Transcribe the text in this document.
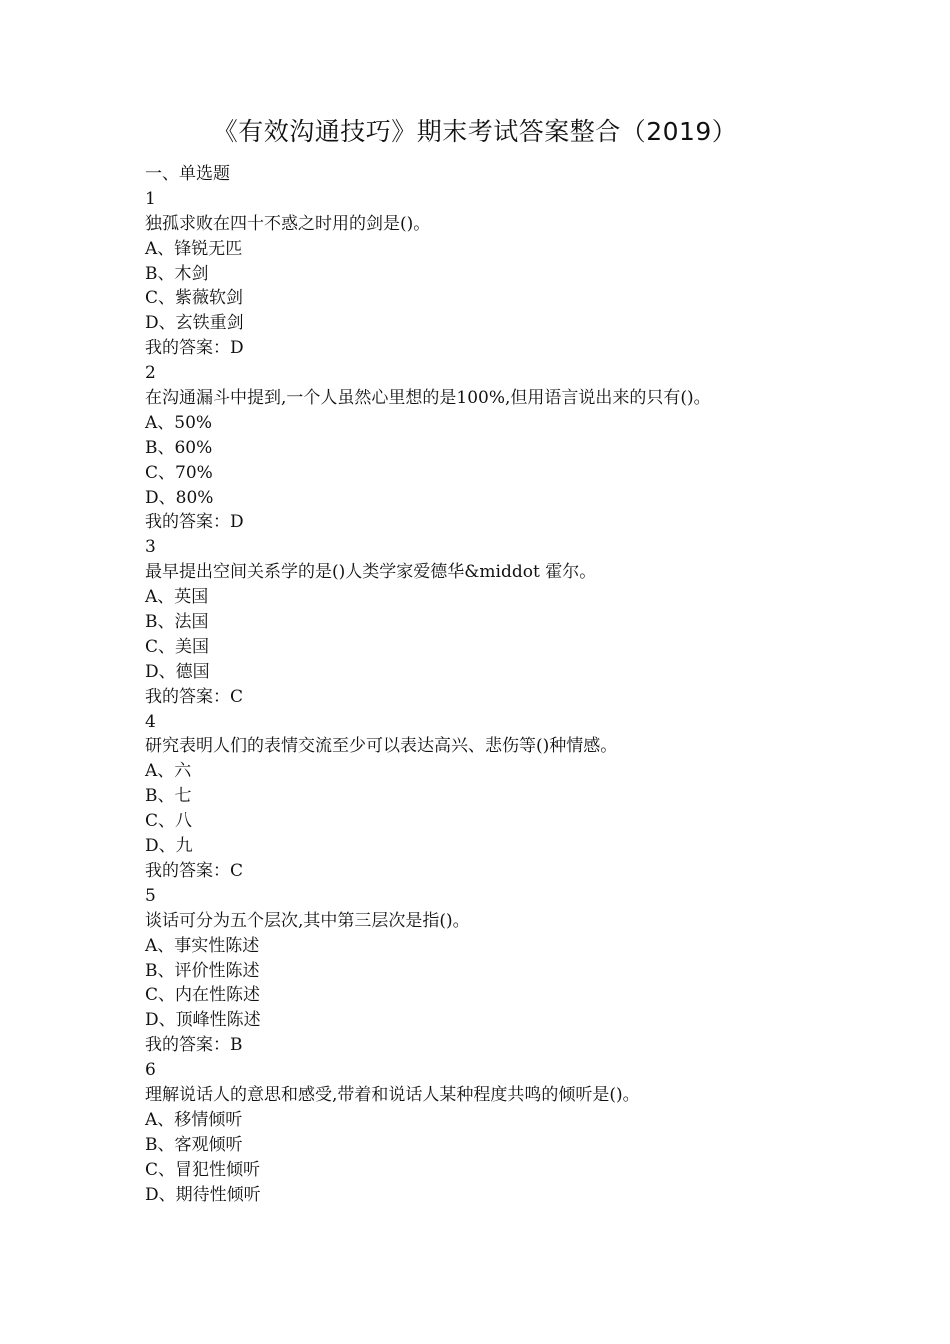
《有效沟通技巧》期末考试答案整合（2019）
一、单选题
1
独孤求败在四十不惑之时用的剑是()。
A、锋锐无匹
B、木剑
C、紫薇软剑
D、玄铁重剑
我的答案：D
2
在沟通漏斗中提到,一个人虽然心里想的是100%,但用语言说出来的只有()。
A、50%
B、60%
C、70%
D、80%
我的答案：D
3
最早提出空间关系学的是()人类学家爱德华&middot 霍尔。
A、英国
B、法国
C、美国
D、德国
我的答案：C
4
研究表明人们的表情交流至少可以表达高兴、悲伤等()种情感。
A、六
B、七
C、八
D、九
我的答案：C
5
谈话可分为五个层次,其中第三层次是指()。
A、事实性陈述
B、评价性陈述
C、内在性陈述
D、顶峰性陈述
我的答案：B
6
理解说话人的意思和感受,带着和说话人某种程度共鸣的倾听是()。
A、移情倾听
B、客观倾听
C、冒犯性倾听
D、期待性倾听
